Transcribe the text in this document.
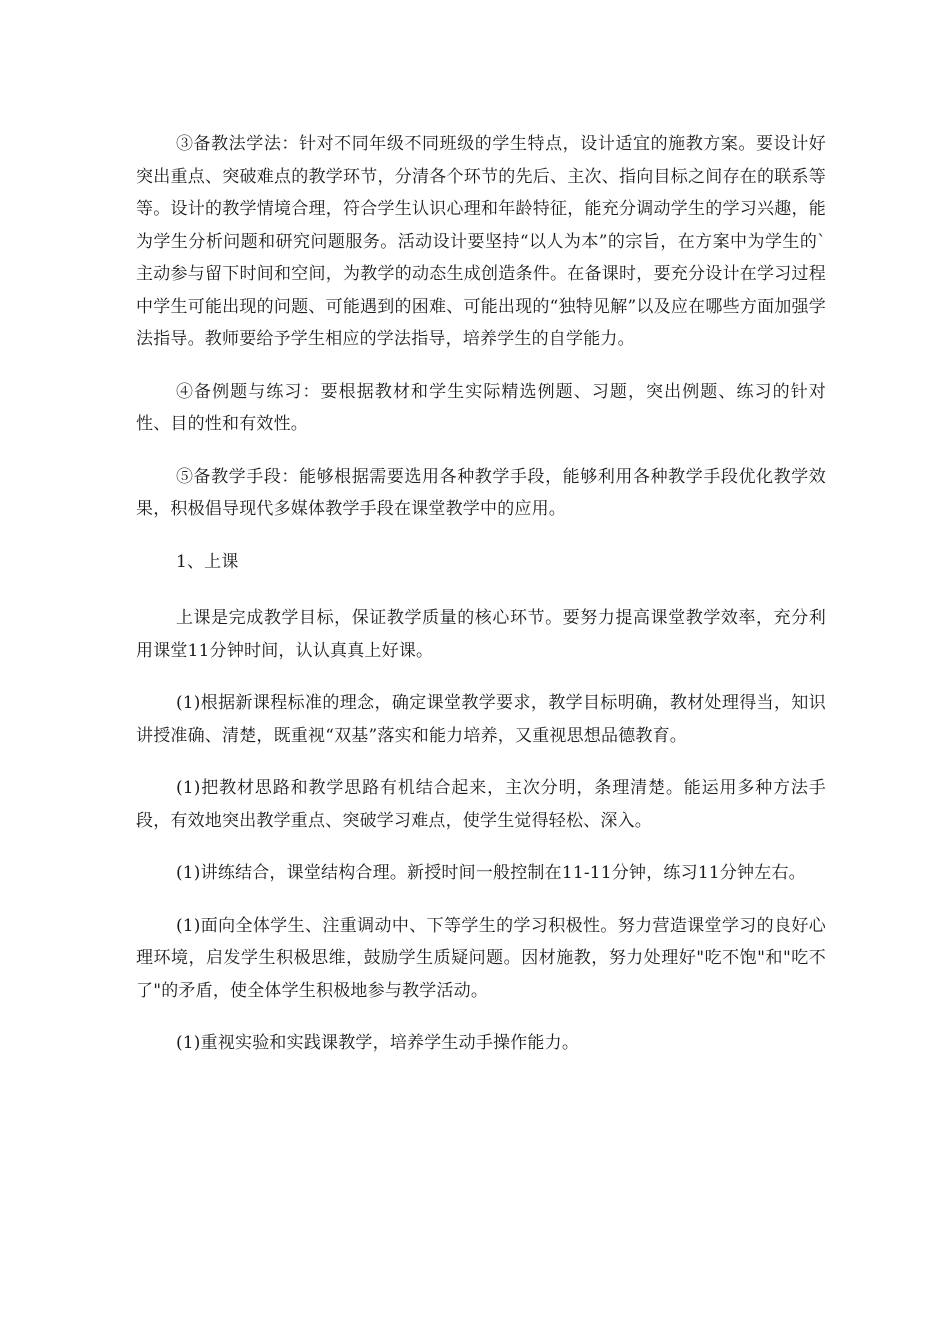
③备教法学法：针对不同年级不同班级的学生特点，设计适宜的施教方案。要设计好突出重点、突破难点的教学环节，分清各个环节的先后、主次、指向目标之间存在的联系等等。设计的教学情境合理，符合学生认识心理和年龄特征，能充分调动学生的学习兴趣，能为学生分析问题和研究问题服务。活动设计要坚持“以人为本”的宗旨，在方案中为学生的`主动参与留下时间和空间，为教学的动态生成创造条件。在备课时，要充分设计在学习过程中学生可能出现的问题、可能遇到的困难、可能出现的“独特见解”以及应在哪些方面加强学法指导。教师要给予学生相应的学法指导，培养学生的自学能力。

④备例题与练习：要根据教材和学生实际精选例题、习题，突出例题、练习的针对性、目的性和有效性。

⑤备教学手段：能够根据需要选用各种教学手段，能够利用各种教学手段优化教学效果，积极倡导现代多媒体教学手段在课堂教学中的应用。

1、上课

上课是完成教学目标，保证教学质量的核心环节。要努力提高课堂教学效率，充分利用课堂11分钟时间，认认真真上好课。

(1)根据新课程标准的理念，确定课堂教学要求，教学目标明确，教材处理得当，知识讲授准确、清楚，既重视“双基”落实和能力培养，又重视思想品德教育。

(1)把教材思路和教学思路有机结合起来，主次分明，条理清楚。能运用多种方法手段，有效地突出教学重点、突破学习难点，使学生觉得轻松、深入。

(1)讲练结合，课堂结构合理。新授时间一般控制在11-11分钟，练习11分钟左右。

(1)面向全体学生、注重调动中、下等学生的学习积极性。努力营造课堂学习的良好心理环境，启发学生积极思维，鼓励学生质疑问题。因材施教，努力处理好"吃不饱"和"吃不了"的矛盾，使全体学生积极地参与教学活动。

(1)重视实验和实践课教学，培养学生动手操作能力。
